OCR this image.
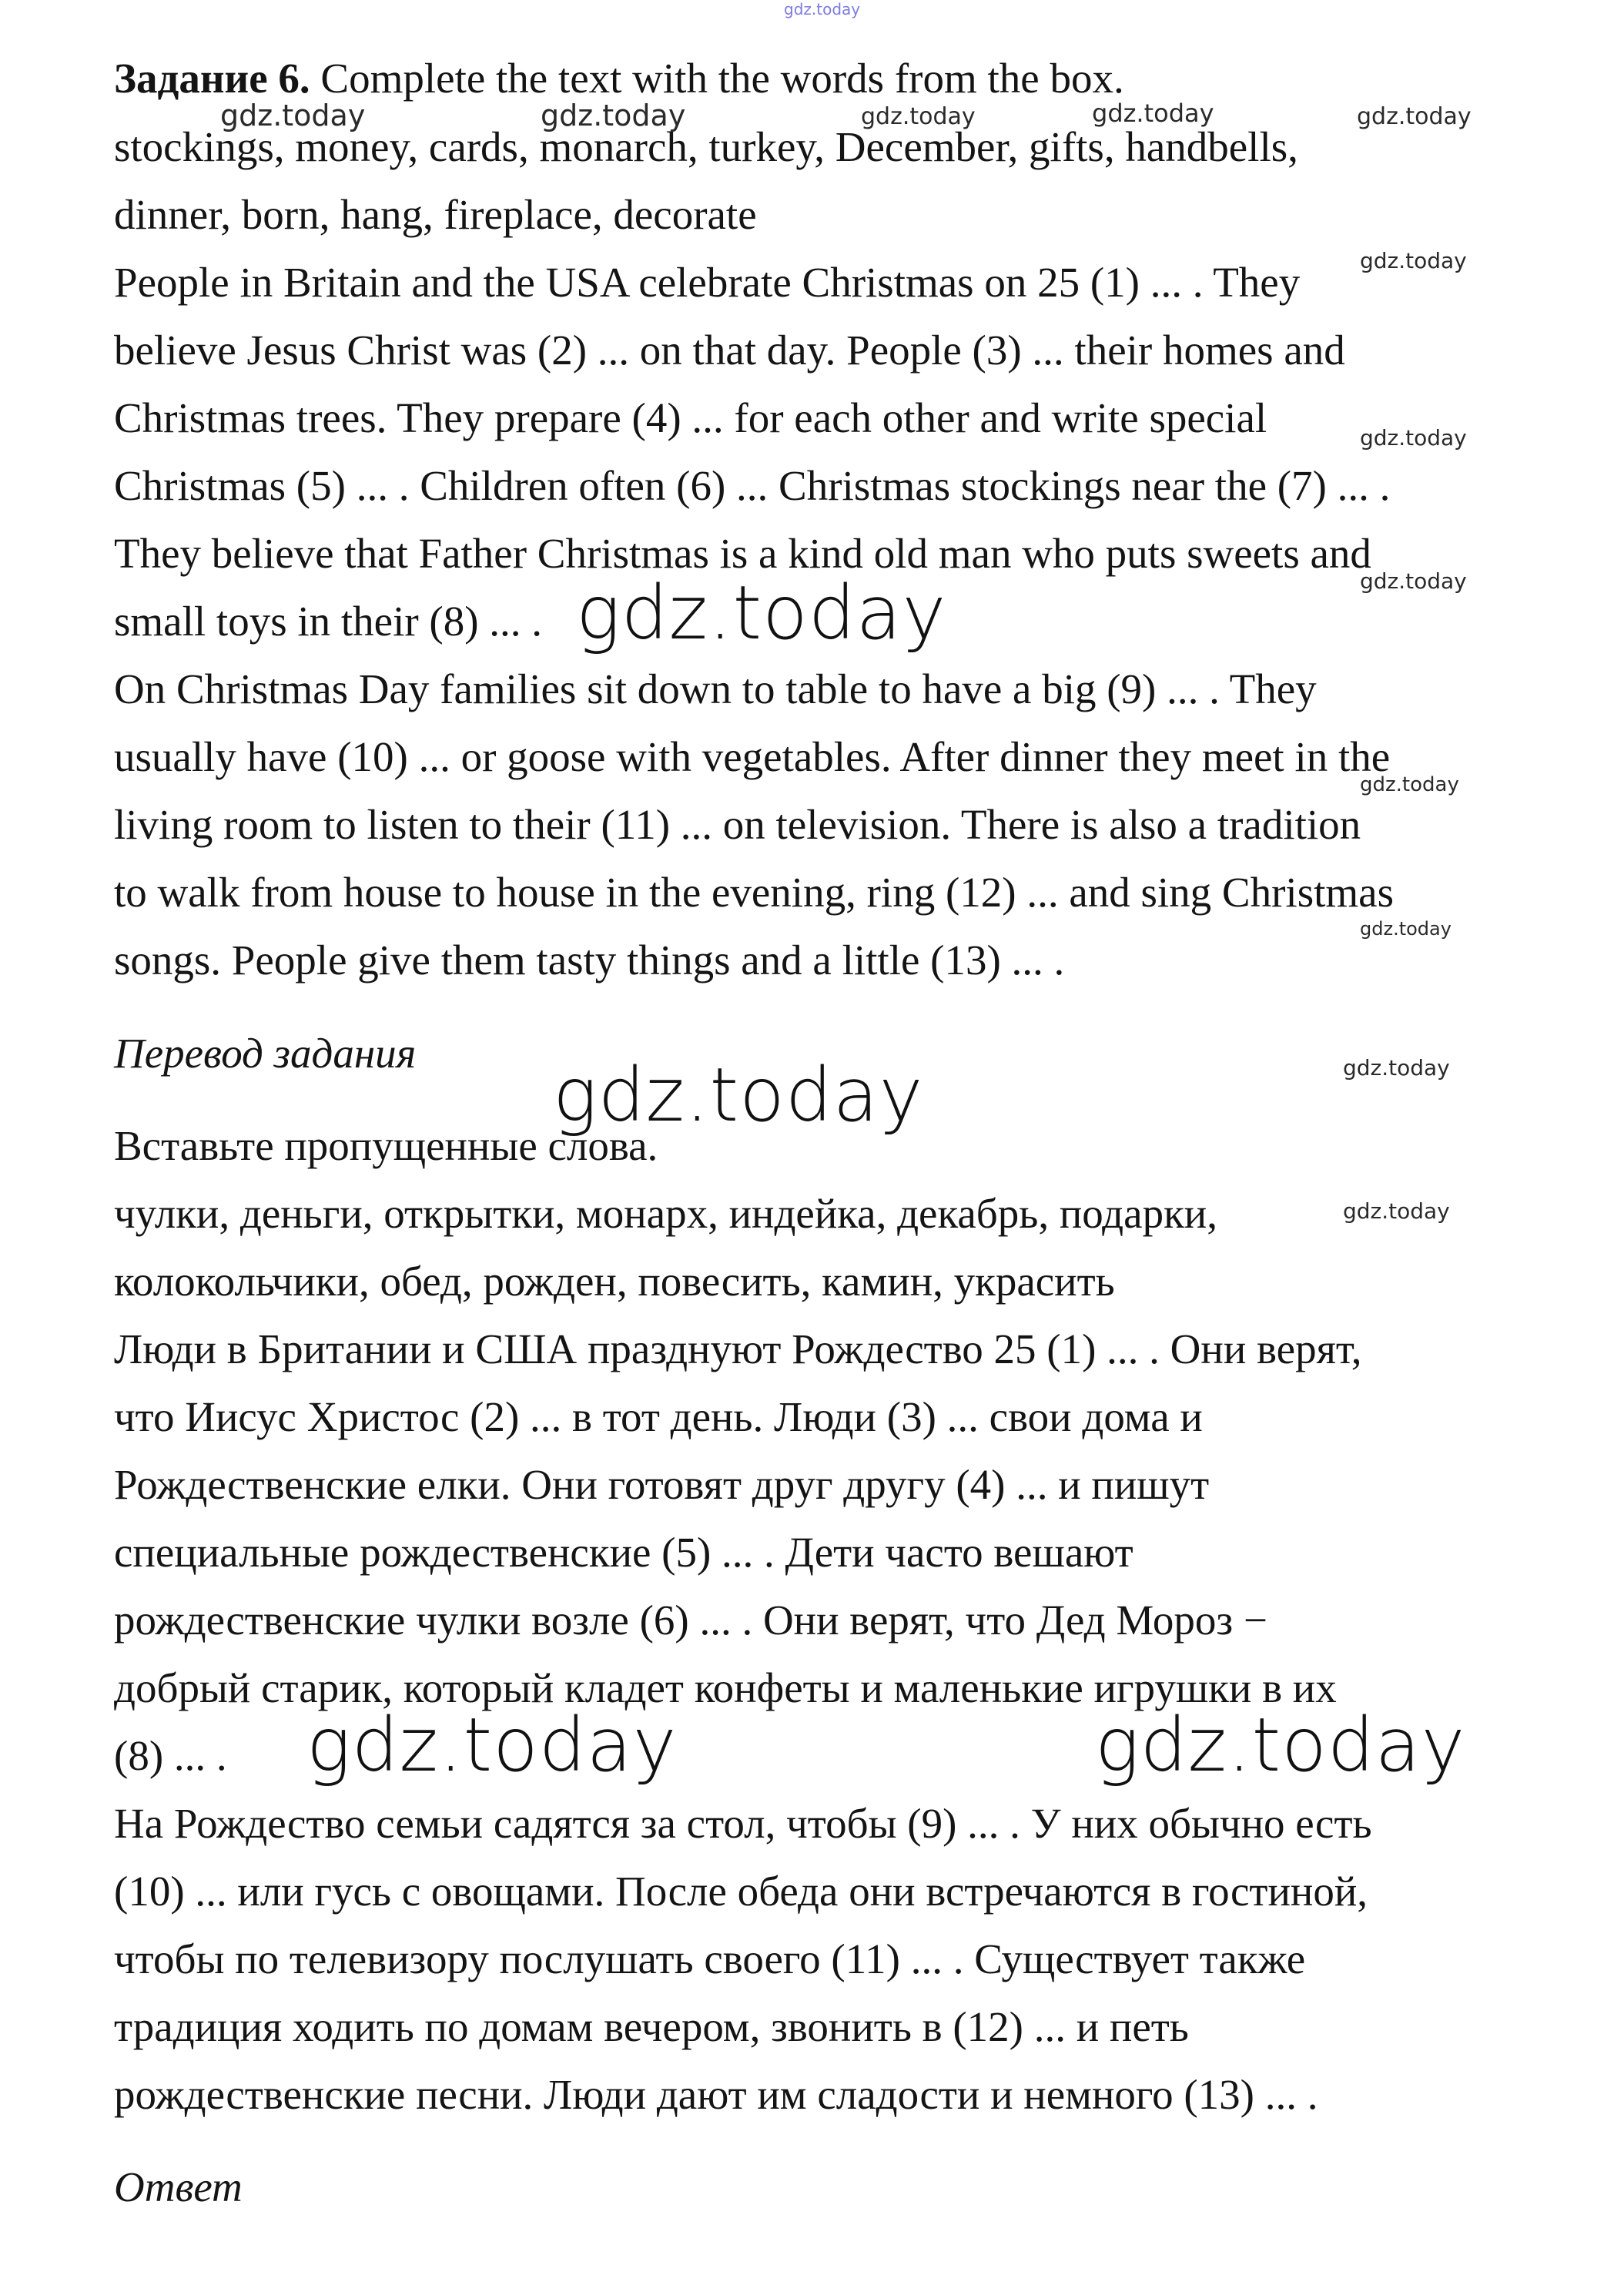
gdz.today
Задание 6. Complete the text with the words from the box.
stockings, money, cards, monarch, turkey, December, gifts, handbells,
dinner, born, hang, fireplace, decorate
People in Britain and the USA celebrate Christmas on 25 (1) ... . They
believe Jesus Christ was (2) ... on that day. People (3) ... their homes and
Christmas trees. They prepare (4) ... for each other and write special
Christmas (5) ... . Children often (6) ... Christmas stockings near the (7) ... .
They believe that Father Christmas is a kind old man who puts sweets and
small toys in their (8) ... .
On Christmas Day families sit down to table to have a big (9) ... . They
usually have (10) ... or goose with vegetables. After dinner they meet in the
living room to listen to their (11) ... on television. There is also a tradition
to walk from house to house in the evening, ring (12) ... and sing Christmas
songs. People give them tasty things and a little (13) ... .
Перевод задания
Вставьте пропущенные слова.
чулки, деньги, открытки, монарх, индейка, декабрь, подарки,
колокольчики, обед, рожден, повесить, камин, украсить
Люди в Британии и США празднуют Рождество 25 (1) ... . Они верят,
что Иисус Христос (2) ... в тот день. Люди (3) ... свои дома и
Рождественские елки. Они готовят друг другу (4) ... и пишут
специальные рождественские (5) ... . Дети часто вешают
рождественские чулки возле (6) ... . Они верят, что Дед Мороз −
добрый старик, который кладет конфеты и маленькие игрушки в их
(8) ... .
На Рождество семьи садятся за стол, чтобы (9) ... . У них обычно есть
(10) ... или гусь с овощами. После обеда они встречаются в гостиной,
чтобы по телевизору послушать своего (11) ... . Существует также
традиция ходить по домам вечером, звонить в (12) ... и петь
рождественские песни. Люди дают им сладости и немного (13) ... .
Ответ
gdz.today	gdz.today	gdz.today	gdz.today	gdz.today
gdz.today
gdz.today
gdz.today
gdz.today
gdz.today
gdz.today
gdz.today
gdz.today
gdz.today
gdz.today	gdz.today
